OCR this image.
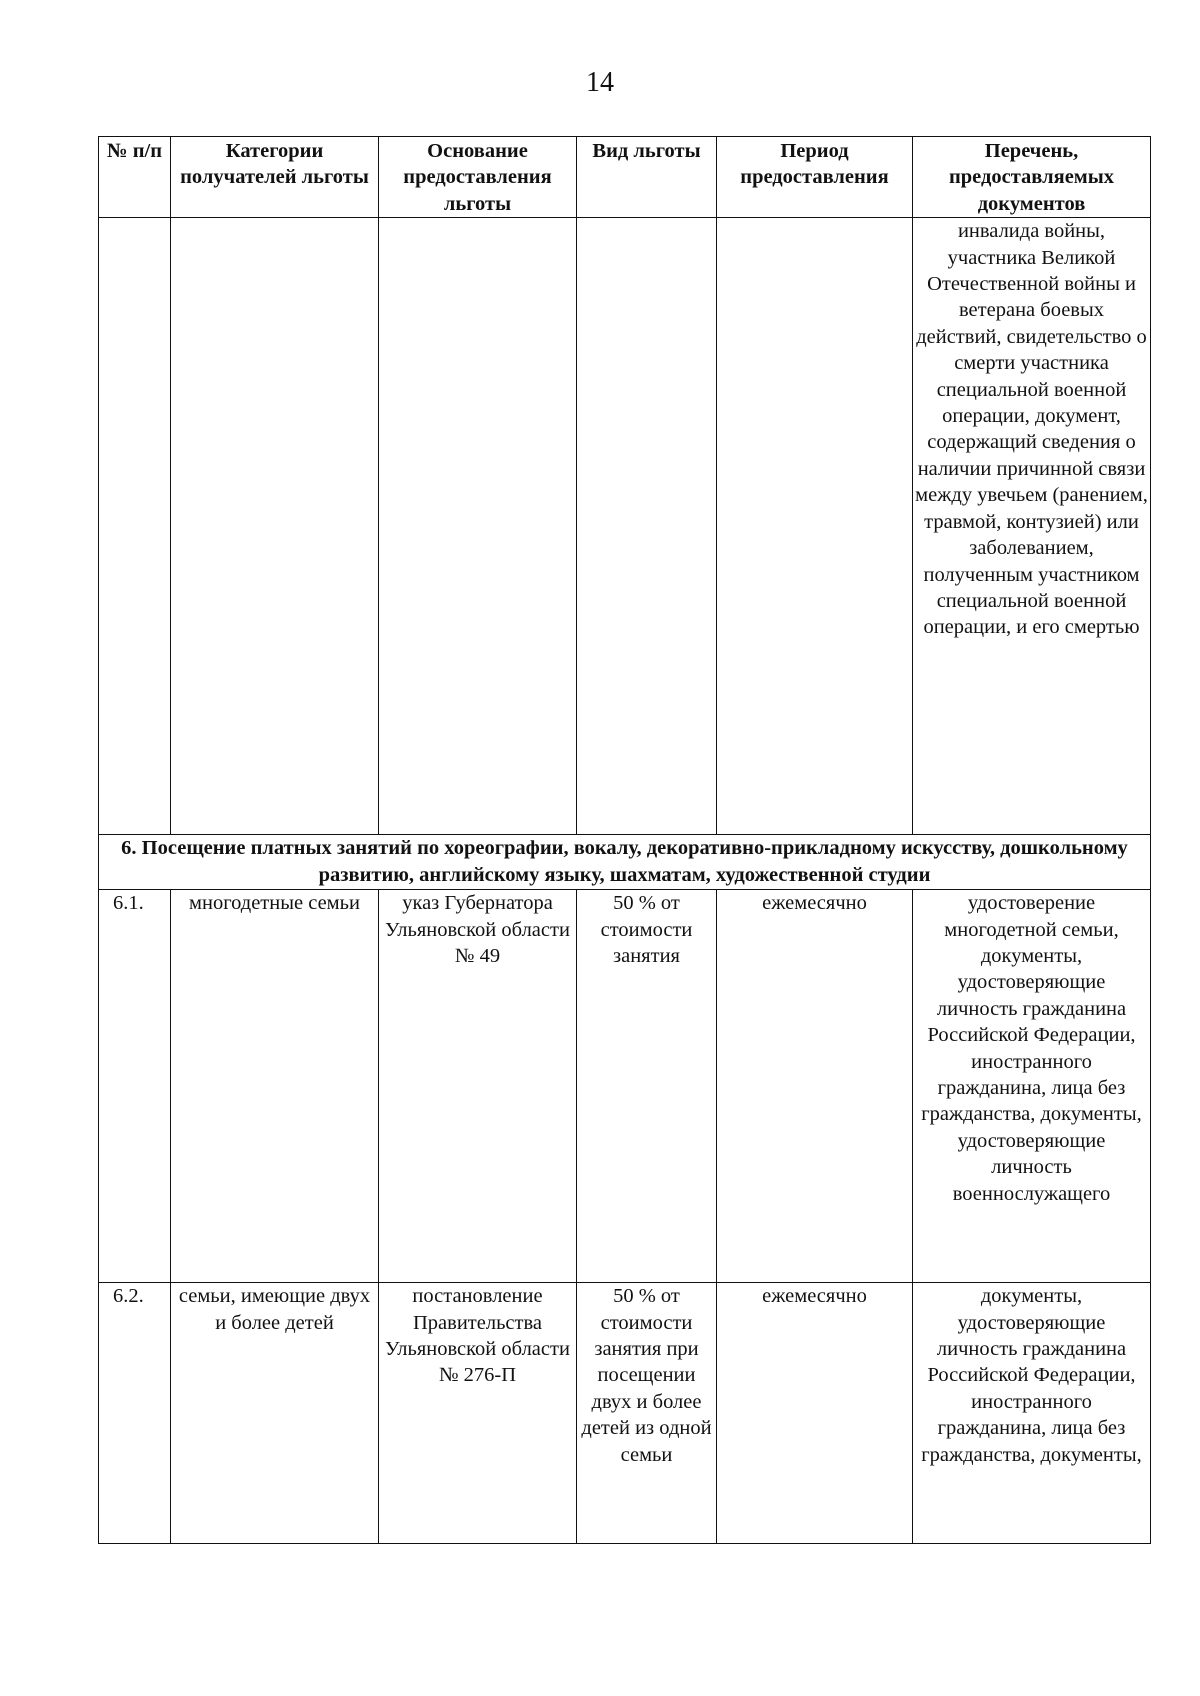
14
№ п/п	Категории получателей льготы	Основание предоставления льготы	Вид льготы	Период предоставления	Перечень, предоставляемых документов
					инвалида войны, участника Великой Отечественной войны и ветерана боевых действий, свидетельство о смерти участника специальной военной операции, документ, содержащий сведения о наличии причинной связи между увечьем (ранением, травмой, контузией) или заболеванием, полученным участником специальной военной операции, и его смертью
6. Посещение платных занятий по хореографии, вокалу, декоративно-прикладному искусству, дошкольному развитию, английскому языку, шахматам, художественной студии					
6.1.	многодетные семьи	указ Губернатора Ульяновской области № 49	50 % от стоимости занятия	ежемесячно	удостоверение многодетной семьи, документы, удостоверяющие личность гражданина Российской Федерации, иностранного гражданина, лица без гражданства, документы, удостоверяющие личность военнослужащего
6.2.	семьи, имеющие двух и более детей	постановление Правительства Ульяновской области № 276-П	50 % от стоимости занятия при посещении двух и более детей из одной семьи	ежемесячно	документы, удостоверяющие личность гражданина Российской Федерации, иностранного гражданина, лица без гражданства, документы,
